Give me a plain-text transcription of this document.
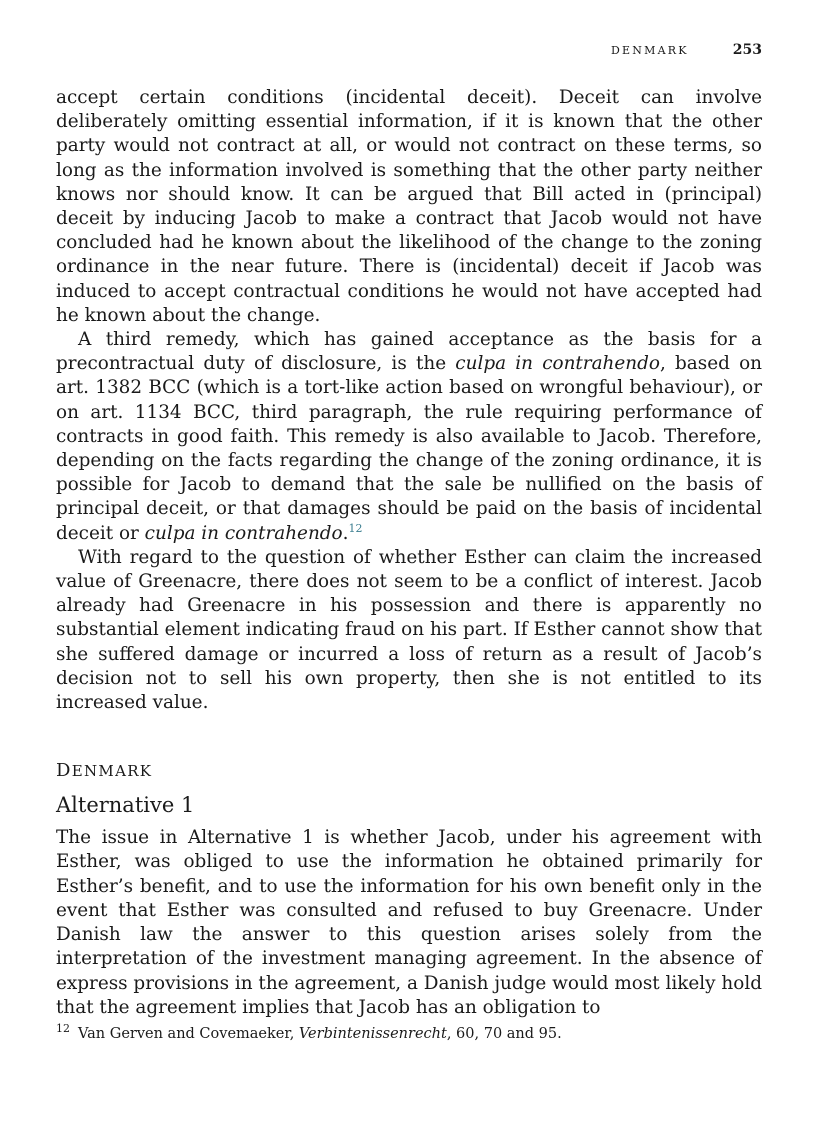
DENMARK	253

accept certain conditions (incidental deceit). Deceit can involve deliberately omitting essential information, if it is known that the other party would not contract at all, or would not contract on these terms, so long as the information involved is something that the other party neither knows nor should know. It can be argued that Bill acted in (principal) deceit by inducing Jacob to make a contract that Jacob would not have concluded had he known about the likelihood of the change to the zoning ordinance in the near future. There is (incidental) deceit if Jacob was induced to accept contractual conditions he would not have accepted had he known about the change.

A third remedy, which has gained acceptance as the basis for a precontractual duty of disclosure, is the culpa in contrahendo, based on art. 1382 BCC (which is a tort-like action based on wrongful behaviour), or on art. 1134 BCC, third paragraph, the rule requiring performance of contracts in good faith. This remedy is also available to Jacob. Therefore, depending on the facts regarding the change of the zoning ordinance, it is possible for Jacob to demand that the sale be nullified on the basis of principal deceit, or that damages should be paid on the basis of incidental deceit or culpa in contrahendo.$^{12}$

With regard to the question of whether Esther can claim the increased value of Greenacre, there does not seem to be a conflict of interest. Jacob already had Greenacre in his possession and there is apparently no substantial element indicating fraud on his part. If Esther cannot show that she suffered damage or incurred a loss of return as a result of Jacob’s decision not to sell his own property, then she is not entitled to its increased value.

DENMARK
Alternative 1

The issue in Alternative 1 is whether Jacob, under his agreement with Esther, was obliged to use the information he obtained primarily for Esther’s benefit, and to use the information for his own benefit only in the event that Esther was consulted and refused to buy Greenacre. Under Danish law the answer to this question arises solely from the interpretation of the investment managing agreement. In the absence of express provisions in the agreement, a Danish judge would most likely hold that the agreement implies that Jacob has an obligation to

$^{12}$ Van Gerven and Covemaeker, Verbintenissenrecht, 60, 70 and 95.
